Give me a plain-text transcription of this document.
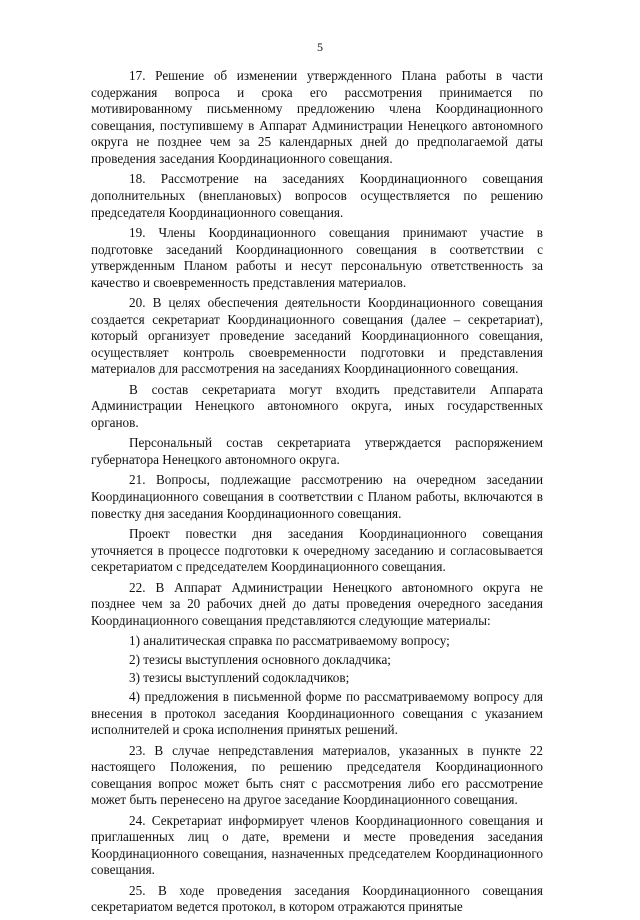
5

17. Решение об изменении утвержденного Плана работы в части содержания вопроса и срока его рассмотрения принимается по мотивированному письменному предложению члена Координационного совещания, поступившему в Аппарат Администрации Ненецкого автономного округа не позднее чем за 25 календарных дней до предполагаемой даты проведения заседания Координационного совещания.

18. Рассмотрение на заседаниях Координационного совещания дополнительных (внеплановых) вопросов осуществляется по решению председателя Координационного совещания.

19. Члены Координационного совещания принимают участие в подготовке заседаний Координационного совещания в соответствии с утвержденным Планом работы и несут персональную ответственность за качество и своевременность представления материалов.

20. В целях обеспечения деятельности Координационного совещания создается секретариат Координационного совещания (далее – секретариат), который организует проведение заседаний Координационного совещания, осуществляет контроль своевременности подготовки и представления материалов для рассмотрения на заседаниях Координационного совещания.

В состав секретариата могут входить представители Аппарата Администрации Ненецкого автономного округа, иных государственных органов.

Персональный состав секретариата утверждается распоряжением губернатора Ненецкого автономного округа.

21. Вопросы, подлежащие рассмотрению на очередном заседании Координационного совещания в соответствии с Планом работы, включаются в повестку дня заседания Координационного совещания.

Проект повестки дня заседания Координационного совещания уточняется в процессе подготовки к очередному заседанию и согласовывается секретариатом с председателем Координационного совещания.

22. В Аппарат Администрации Ненецкого автономного округа не позднее чем за 20 рабочих дней до даты проведения очередного заседания Координационного совещания представляются следующие материалы:

1) аналитическая справка по рассматриваемому вопросу;

2) тезисы выступления основного докладчика;

3) тезисы выступлений содокладчиков;

4) предложения в письменной форме по рассматриваемому вопросу для внесения в протокол заседания Координационного совещания с указанием исполнителей и срока исполнения принятых решений.

23. В случае непредставления материалов, указанных в пункте 22 настоящего Положения, по решению председателя Координационного совещания вопрос может быть снят с рассмотрения либо его рассмотрение может быть перенесено на другое заседание Координационного совещания.

24. Секретариат информирует членов Координационного совещания и приглашенных лиц о дате, времени и месте проведения заседания Координационного совещания, назначенных председателем Координационного совещания.

25. В ходе проведения заседания Координационного совещания секретариатом ведется протокол, в котором отражаются принятые
